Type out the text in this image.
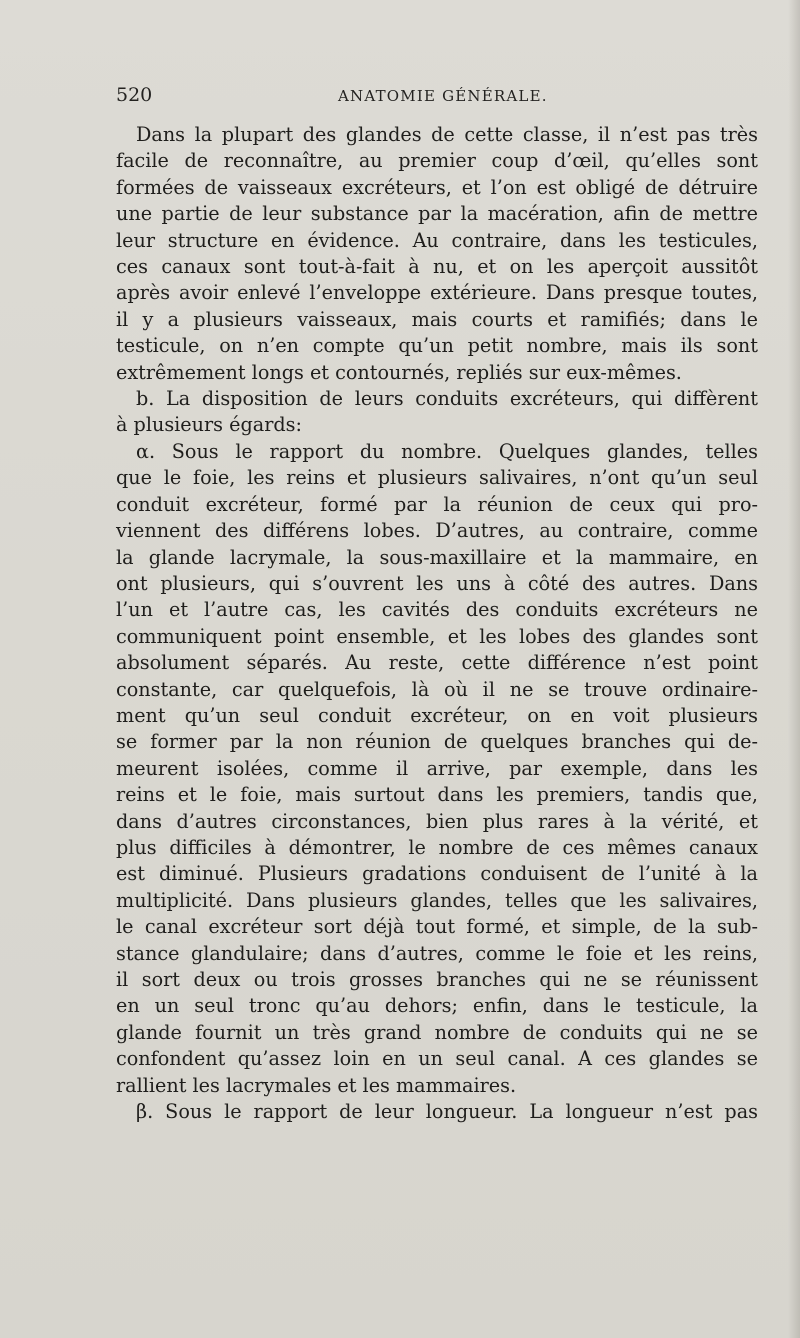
520	ANATOMIE GÉNÉRALE.
Dans la plupart des glandes de cette classe, il n’est pas très
facile de reconnaître, au premier coup d’œil, qu’elles sont
formées de vaisseaux excréteurs, et l’on est obligé de détruire
une partie de leur substance par la macération, afin de mettre
leur structure en évidence. Au contraire, dans les testicules,
ces canaux sont tout-à-fait à nu, et on les aperçoit aussitôt
après avoir enlevé l’enveloppe extérieure. Dans presque toutes,
il y a plusieurs vaisseaux, mais courts et ramifiés; dans le
testicule, on n’en compte qu’un petit nombre, mais ils sont
extrêmement longs et contournés, repliés sur eux-mêmes.
b. La disposition de leurs conduits excréteurs, qui diffèrent
à plusieurs égards:
α. Sous le rapport du nombre. Quelques glandes, telles
que le foie, les reins et plusieurs salivaires, n’ont qu’un seul
conduit excréteur, formé par la réunion de ceux qui pro-
viennent des différens lobes. D’autres, au contraire, comme
la glande lacrymale, la sous-maxillaire et la mammaire, en
ont plusieurs, qui s’ouvrent les uns à côté des autres. Dans
l’un et l’autre cas, les cavités des conduits excréteurs ne
communiquent point ensemble, et les lobes des glandes sont
absolument séparés. Au reste, cette différence n’est point
constante, car quelquefois, là où il ne se trouve ordinaire-
ment qu’un seul conduit excréteur, on en voit plusieurs
se former par la non réunion de quelques branches qui de-
meurent isolées, comme il arrive, par exemple, dans les
reins et le foie, mais surtout dans les premiers, tandis que,
dans d’autres circonstances, bien plus rares à la vérité, et
plus difficiles à démontrer, le nombre de ces mêmes canaux
est diminué. Plusieurs gradations conduisent de l’unité à la
multiplicité. Dans plusieurs glandes, telles que les salivaires,
le canal excréteur sort déjà tout formé, et simple, de la sub-
stance glandulaire; dans d’autres, comme le foie et les reins,
il sort deux ou trois grosses branches qui ne se réunissent
en un seul tronc qu’au dehors; enfin, dans le testicule, la
glande fournit un très grand nombre de conduits qui ne se
confondent qu’assez loin en un seul canal. A ces glandes se
rallient les lacrymales et les mammaires.
β. Sous le rapport de leur longueur. La longueur n’est pas
